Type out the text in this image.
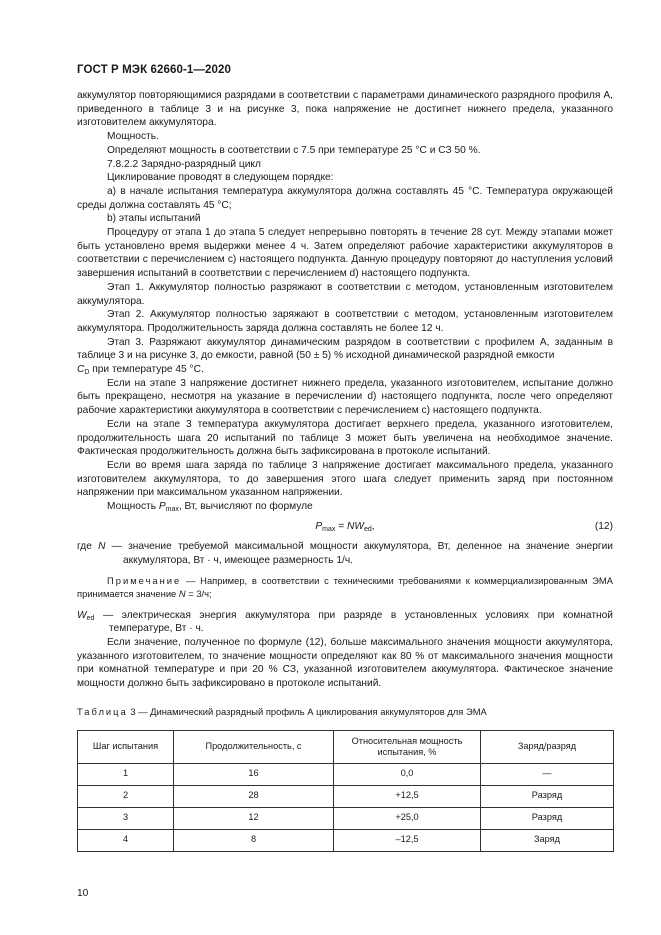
ГОСТ Р МЭК 62660-1—2020

аккумулятор повторяющимися разрядами в соответствии с параметрами динамического разрядного профиля А, приведенного в таблице 3 и на рисунке 3, пока напряжение не достигнет нижнего предела, указанного изготовителем аккумулятора.

Мощность.

Определяют мощность в соответствии с 7.5 при температуре 25 °С и СЗ 50 %.

7.8.2.2 Зарядно-разрядный цикл

Циклирование проводят в следующем порядке:

a) в начале испытания температура аккумулятора должна составлять 45 °С. Температура окружающей среды должна составлять 45 °С;

b) этапы испытаний

Процедуру от этапа 1 до этапа 5 следует непрерывно повторять в течение 28 сут. Между этапами может быть установлено время выдержки менее 4 ч. Затем определяют рабочие характеристики аккумуляторов в соответствии с перечислением с) настоящего подпункта. Данную процедуру повторяют до наступления условий завершения испытаний в соответствии с перечислением d) настоящего подпункта.

Этап 1. Аккумулятор полностью разряжают в соответствии с методом, установленным изготовителем аккумулятора.

Этап 2. Аккумулятор полностью заряжают в соответствии с методом, установленным изготовителем аккумулятора. Продолжительность заряда должна составлять не более 12 ч.

Этап 3. Разряжают аккумулятор динамическим разрядом в соответствии с профилем А, заданным в таблице 3 и на рисунке 3, до емкости, равной (50 ± 5) % исходной динамической разрядной емкости
$C_D$ при температуре 45 °С.

Если на этапе 3 напряжение достигнет нижнего предела, указанного изготовителем, испытание должно быть прекращено, несмотря на указание в перечислении d) настоящего подпункта, после чего определяют рабочие характеристики аккумулятора в соответствии с перечислением с) настоящего подпункта.

Если на этапе 3 температура аккумулятора достигает верхнего предела, указанного изготовителем, продолжительность шага 20 испытаний по таблице 3 может быть увеличена на необходимое значение. Фактическая продолжительность должна быть зафиксирована в протоколе испытаний.

Если во время шага заряда по таблице 3 напряжение достигает максимального предела, указанного изготовителем аккумулятора, то до завершения этого шага следует применить заряд при постоянном напряжении при максимальном указанном напряжении.

Мощность $P_{max}$, Вт, вычисляют по формуле

$P_{max} = NW_{ed}$,	(12)

где N — значение требуемой максимальной мощности аккумулятора, Вт, деленное на значение энергии аккумулятора, Вт · ч, имеющее размерность 1/ч.

Примечание — Например, в соответствии с техническими требованиями к коммерциализированным ЭМА принимается значение N = 3/ч;

$W_{ed}$ — электрическая энергия аккумулятора при разряде в установленных условиях при комнатной температуре, Вт · ч.

Если значение, полученное по формуле (12), больше максимального значения мощности аккумулятора, указанного изготовителем, то значение мощности определяют как 80 % от максимального значения мощности при комнатной температуре и при 20 % СЗ, указанной изготовителем аккумулятора. Фактическое значение мощности должно быть зафиксировано в протоколе испытаний.

Таблица 3 — Динамический разрядный профиль А циклирования аккумуляторов для ЭМА

Шаг испытания	Продолжительность, с	Относительная мощность испытания, %	Заряд/разряд
1	16	0,0	—
2	28	+12,5	Разряд
3	12	+25,0	Разряд
4	8	–12,5	Заряд
10
